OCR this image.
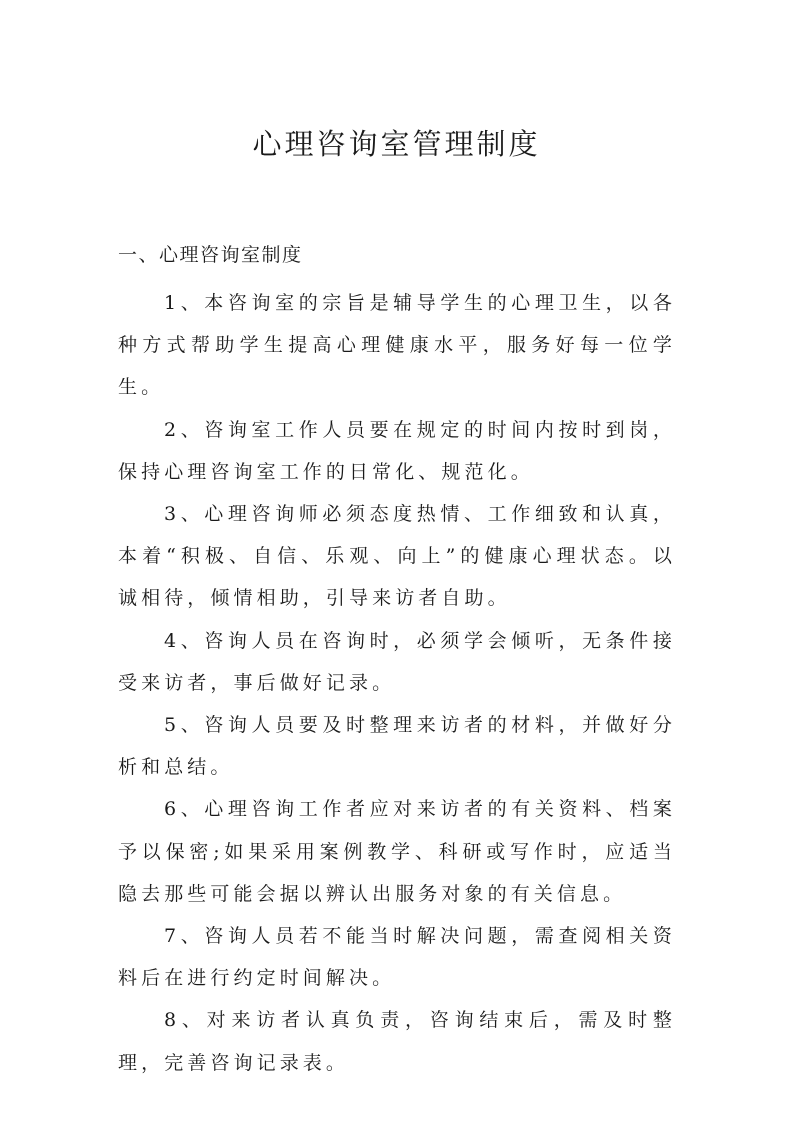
心理咨询室管理制度
一、心理咨询室制度

1、本咨询室的宗旨是辅导学生的心理卫生，以各种方式帮助学生提高心理健康水平，服务好每一位学生。

2、咨询室工作人员要在规定的时间内按时到岗，保持心理咨询室工作的日常化、规范化。

3、心理咨询师必须态度热情、工作细致和认真，本着“积极、自信、乐观、向上”的健康心理状态。以诚相待，倾情相助，引导来访者自助。

4、咨询人员在咨询时，必须学会倾听，无条件接受来访者，事后做好记录。

5、咨询人员要及时整理来访者的材料，并做好分析和总结。

6、心理咨询工作者应对来访者的有关资料、档案予以保密;如果采用案例教学、科研或写作时，应适当隐去那些可能会据以辨认出服务对象的有关信息。

7、咨询人员若不能当时解决问题，需查阅相关资料后在进行约定时间解决。

8、对来访者认真负责，咨询结束后，需及时整理，完善咨询记录表。
